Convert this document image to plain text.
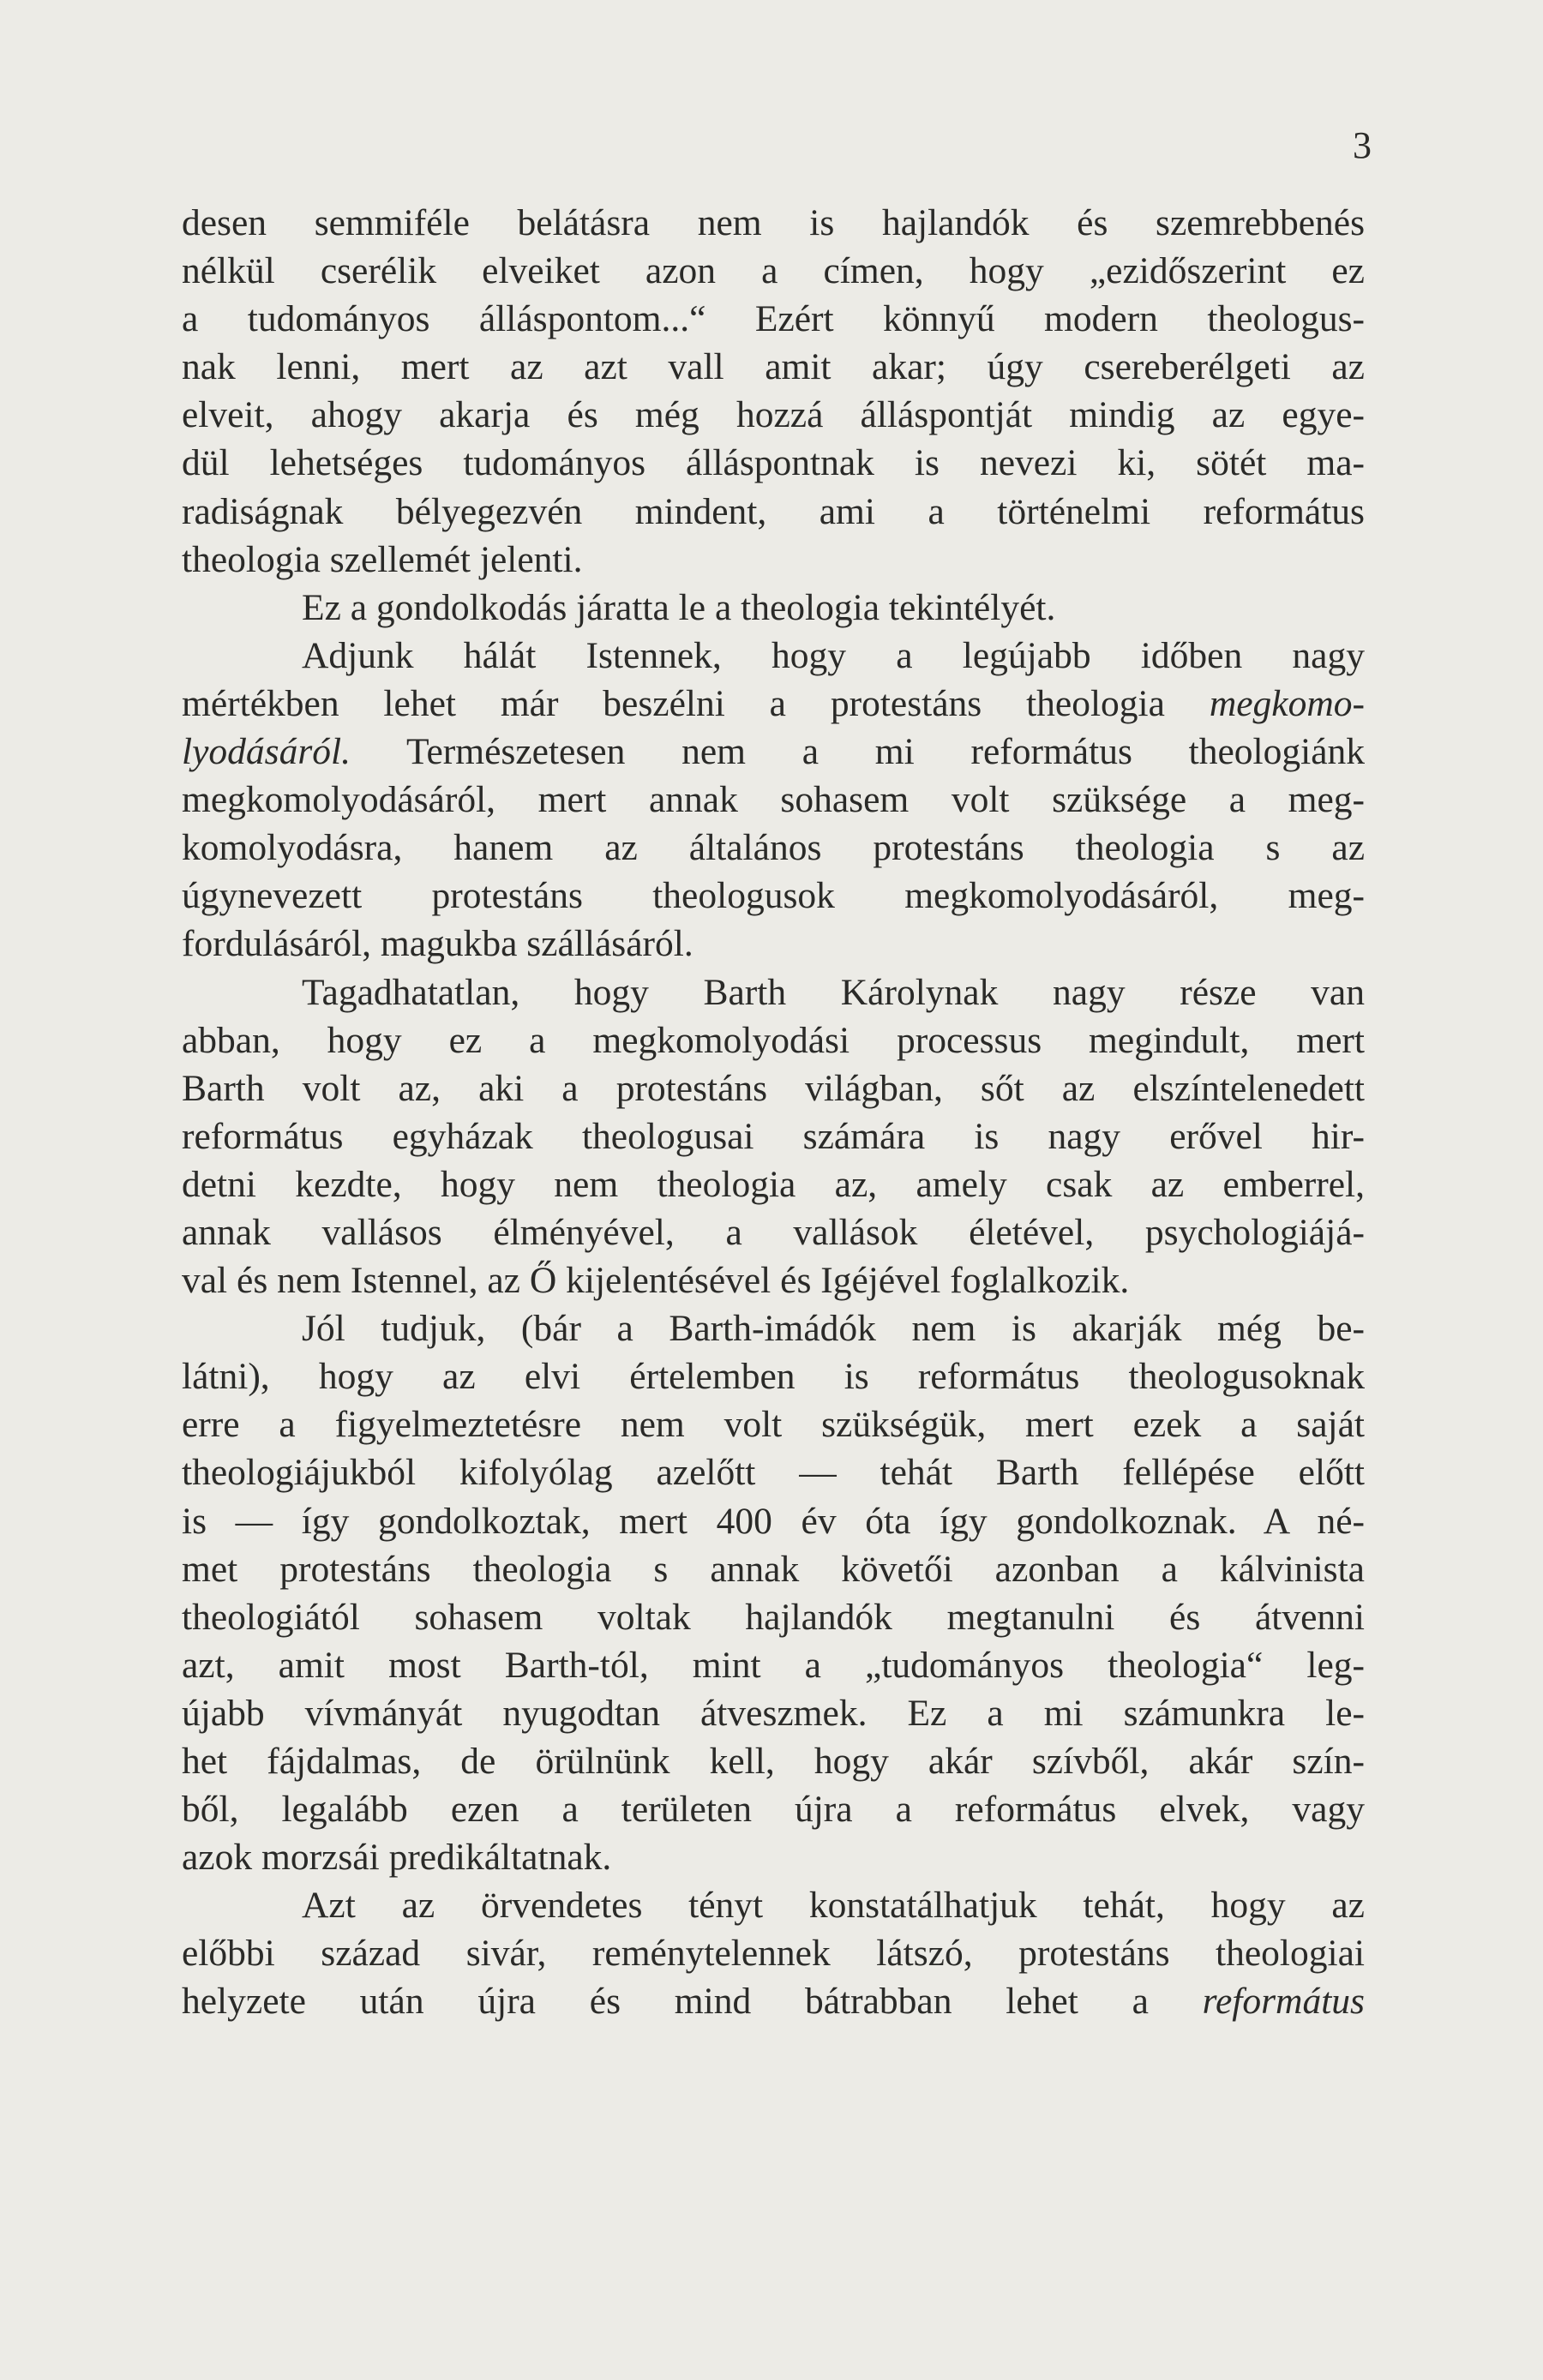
3

desen semmiféle belátásra nem is hajlandók és szemrebbenés
nélkül cserélik elveiket azon a címen, hogy „ezidőszerint ez
a tudományos álláspontom...“ Ezért könnyű modern theologus-
nak lenni, mert az azt vall amit akar; úgy csereberélgeti az
elveit, ahogy akarja és még hozzá álláspontját mindig az egye-
dül lehetséges tudományos álláspontnak is nevezi ki, sötét ma-
radiságnak bélyegezvén mindent, ami a történelmi református
theologia szellemét jelenti.

Ez a gondolkodás járatta le a theologia tekintélyét.

Adjunk hálát Istennek, hogy a legújabb időben nagy
mértékben lehet már beszélni a protestáns theologia megkomo-
lyodásáról. Természetesen nem a mi református theologiánk
megkomolyodásáról, mert annak sohasem volt szüksége a meg-
komolyodásra, hanem az általános protestáns theologia s az
úgynevezett protestáns theologusok megkomolyodásáról, meg-
fordulásáról, magukba szállásáról.

Tagadhatatlan, hogy Barth Károlynak nagy része van
abban, hogy ez a megkomolyodási processus megindult, mert
Barth volt az, aki a protestáns világban, sőt az elszíntelenedett
református egyházak theologusai számára is nagy erővel hir-
detni kezdte, hogy nem theologia az, amely csak az emberrel,
annak vallásos élményével, a vallások életével, psychologiájá-
val és nem Istennel, az Ő kijelentésével és Igéjével foglalkozik.

Jól tudjuk, (bár a Barth-imádók nem is akarják még be-
látni), hogy az elvi értelemben is református theologusoknak
erre a figyelmeztetésre nem volt szükségük, mert ezek a saját
theologiájukból kifolyólag azelőtt — tehát Barth fellépése előtt
is — így gondolkoztak, mert 400 év óta így gondolkoznak. A né-
met protestáns theologia s annak követői azonban a kálvinista
theologiától sohasem voltak hajlandók megtanulni és átvenni
azt, amit most Barth-tól, mint a „tudományos theologia“ leg-
újabb vívmányát nyugodtan átveszmek. Ez a mi számunkra le-
het fájdalmas, de örülnünk kell, hogy akár szívből, akár szín-
ből, legalább ezen a területen újra a református elvek, vagy
azok morzsái predikáltatnak.

Azt az örvendetes tényt konstatálhatjuk tehát, hogy az
előbbi század sivár, reménytelennek látszó, protestáns theologiai
helyzete után újra és mind bátrabban lehet a református
